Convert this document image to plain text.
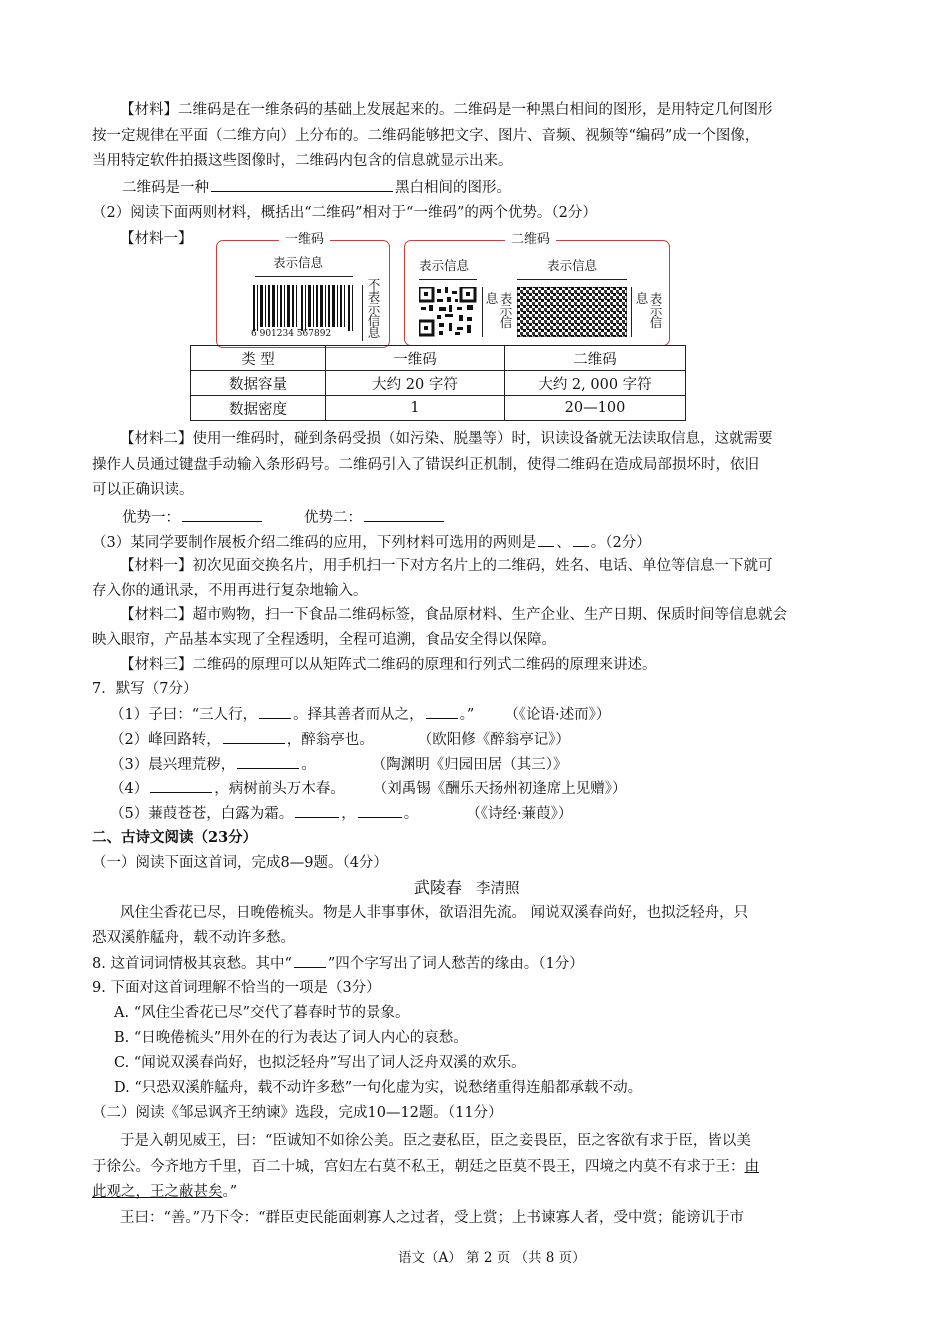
【材料】二维码是在一维条码的基础上发展起来的。二维码是一种黑白相间的图形，是用特定几何图形
按一定规律在平面（二维方向）上分布的。二维码能够把文字、图片、音频、视频等“编码”成一个图像，
当用特定软件拍摄这些图像时，二维码内包含的信息就显示出来。
二维码是一种	黑白相间的图形。
（2）阅读下面两则材料，概括出“二维码”相对于“一维码”的两个优势。（2分）
【材料一】	一维码
表示信息
6 901234 567892
不表示信息
二维码
表示信息	表示信息
息 表示信
息 表示信
类 型	一维码	二维码
数据容量	大约 20 字符	大约 2, 000 字符
数据密度	1	20—100
【材料二】使用一维码时，碰到条码受损（如污染、脱墨等）时，识读设备就无法读取信息，这就需要
操作人员通过键盘手动输入条形码号。二维码引入了错误纠正机制，使得二维码在造成局部损坏时，依旧
可以正确识读。
优势一：	优势二：
（3）某同学要制作展板介绍二维码的应用，下列材料可选用的两则是 、 。（2分）
【材料一】初次见面交换名片，用手机扫一下对方名片上的二维码，姓名、电话、单位等信息一下就可
存入你的通讯录，不用再进行复杂地输入。
【材料二】超市购物，扫一下食品二维码标签，食品原材料、生产企业、生产日期、保质时间等信息就会
映入眼帘，产品基本实现了全程透明，全程可追溯，食品安全得以保障。
【材料三】二维码的原理可以从矩阵式二维码的原理和行列式二维码的原理来讲述。
7．默写（7分）
（1）子曰：“三人行， 。择其善者而从之， 。” （《论语·述而》）
（2）峰回路转，	，醉翁亭也。	（欧阳修《醉翁亭记》）
（3）晨兴理荒秽，	。	（陶渊明《归园田居（其三）》
（4）	，病树前头万木春。 （刘禹锡《酬乐天扬州初逢席上见赠》）
（5）蒹葭苍苍，白露为霜。	，	。	（《诗经·蒹葭》）
二、古诗文阅读（23分）
（一）阅读下面这首词，完成8—9题。（4分）
武陵春 李清照
风住尘香花已尽，日晚倦梳头。物是人非事事休，欲语泪先流。 闻说双溪春尚好，也拟泛轻舟，只
恐双溪舴艋舟，载不动许多愁。
8. 这首词词情极其哀愁。其中“ ”四个字写出了词人愁苦的缘由。（1分）
9. 下面对这首词理解不恰当的一项是（3分）
A. “风住尘香花已尽”交代了暮春时节的景象。
B. “日晚倦梳头”用外在的行为表达了词人内心的哀愁。
C. “闻说双溪春尚好，也拟泛轻舟”写出了词人泛舟双溪的欢乐。
D. “只恐双溪舴艋舟，载不动许多愁”一句化虚为实，说愁绪重得连船都承载不动。
（二）阅读《邹忌讽齐王纳谏》选段，完成10—12题。（11分）
于是入朝见威王，曰：“臣诚知不如徐公美。臣之妻私臣，臣之妾畏臣，臣之客欲有求于臣，皆以美
于徐公。今齐地方千里，百二十城，宫妇左右莫不私王，朝廷之臣莫不畏王，四境之内莫不有求于王：由
此观之，王之蔽甚矣。”
王曰：“善。”乃下令：“群臣吏民能面刺寡人之过者，受上赏；上书谏寡人者，受中赏；能谤讥于市
语文（A） 第 2 页 （共 8 页）
